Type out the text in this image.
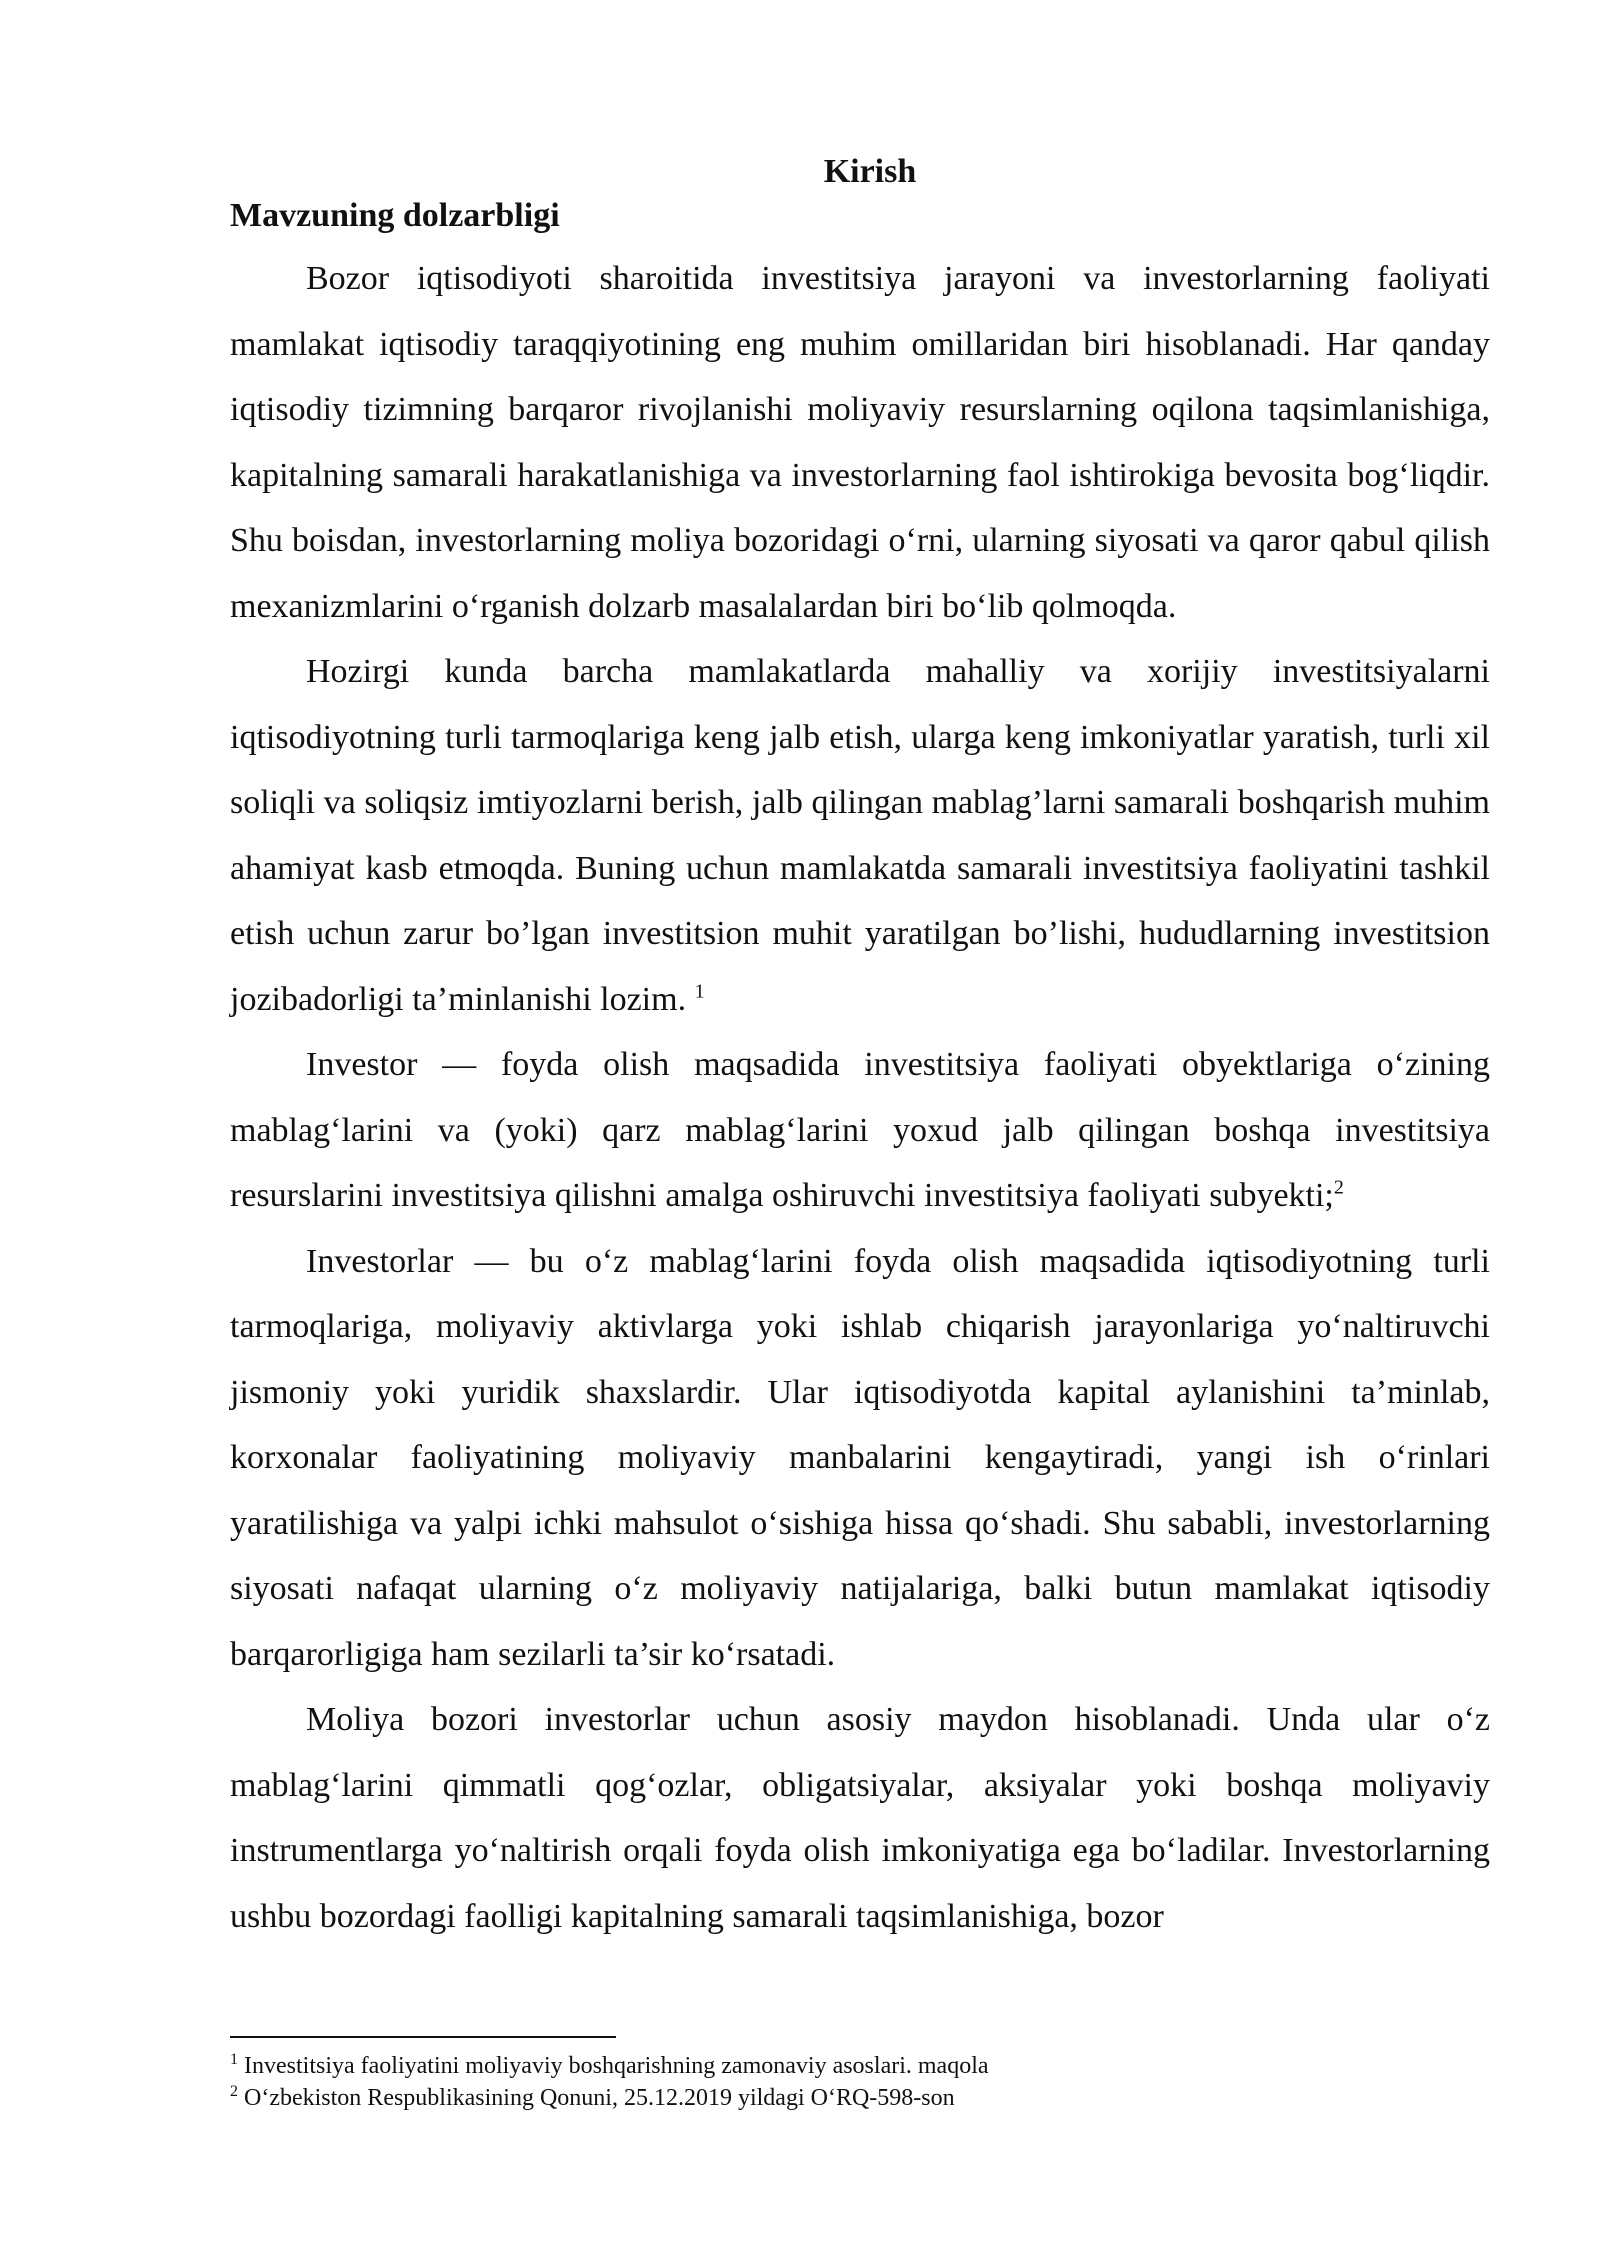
Kirish
Mavzuning dolzarbligi

Bozor iqtisodiyoti sharoitida investitsiya jarayoni va investorlarning faoliyati mamlakat iqtisodiy taraqqiyotining eng muhim omillaridan biri hisoblanadi. Har qanday iqtisodiy tizimning barqaror rivojlanishi moliyaviy resurslarning oqilona taqsimlanishiga, kapitalning samarali harakatlanishiga va investorlarning faol ishtirokiga bevosita bogʻliqdir. Shu boisdan, investorlarning moliya bozoridagi oʻrni, ularning siyosati va qaror qabul qilish mexanizmlarini oʻrganish dolzarb masalalardan biri boʻlib qolmoqda.

Hozirgi kunda barcha mamlakatlarda mahalliy va xorijiy investitsiyalarni iqtisodiyotning turli tarmoqlariga keng jalb etish, ularga keng imkoniyatlar yaratish, turli xil soliqli va soliqsiz imtiyozlarni berish, jalb qilingan mablag’larni samarali boshqarish muhim ahamiyat kasb etmoqda. Buning uchun mamlakatda samarali investitsiya faoliyatini tashkil etish uchun zarur bo’lgan investitsion muhit yaratilgan bo’lishi, hududlarning investitsion jozibadorligi ta’minlanishi lozim. $^1$

Investor — foyda olish maqsadida investitsiya faoliyati obyektlariga oʻzining mablagʻlarini va (yoki) qarz mablagʻlarini yoxud jalb qilingan boshqa investitsiya resurslarini investitsiya qilishni amalga oshiruvchi investitsiya faoliyati subyekti;$^2$

Investorlar — bu oʻz mablagʻlarini foyda olish maqsadida iqtisodiyotning turli tarmoqlariga, moliyaviy aktivlarga yoki ishlab chiqarish jarayonlariga yoʻnaltiruvchi jismoniy yoki yuridik shaxslardir. Ular iqtisodiyotda kapital aylanishini ta’minlab, korxonalar faoliyatining moliyaviy manbalarini kengaytiradi, yangi ish oʻrinlari yaratilishiga va yalpi ichki mahsulot oʻsishiga hissa qoʻshadi. Shu sababli, investorlarning siyosati nafaqat ularning oʻz moliyaviy natijalariga, balki butun mamlakat iqtisodiy barqarorligiga ham sezilarli ta’sir koʻrsatadi.

Moliya bozori investorlar uchun asosiy maydon hisoblanadi. Unda ular oʻz mablagʻlarini qimmatli qogʻozlar, obligatsiyalar, aksiyalar yoki boshqa moliyaviy instrumentlarga yoʻnaltirish orqali foyda olish imkoniyatiga ega boʻladilar. Investorlarning ushbu bozordagi faolligi kapitalning samarali taqsimlanishiga, bozor

$^1$ Investitsiya faoliyatini moliyaviy boshqarishning zamonaviy asoslari. maqola

$^2$ Oʻzbekiston Respublikasining Qonuni, 25.12.2019 yildagi OʻRQ-598-son
